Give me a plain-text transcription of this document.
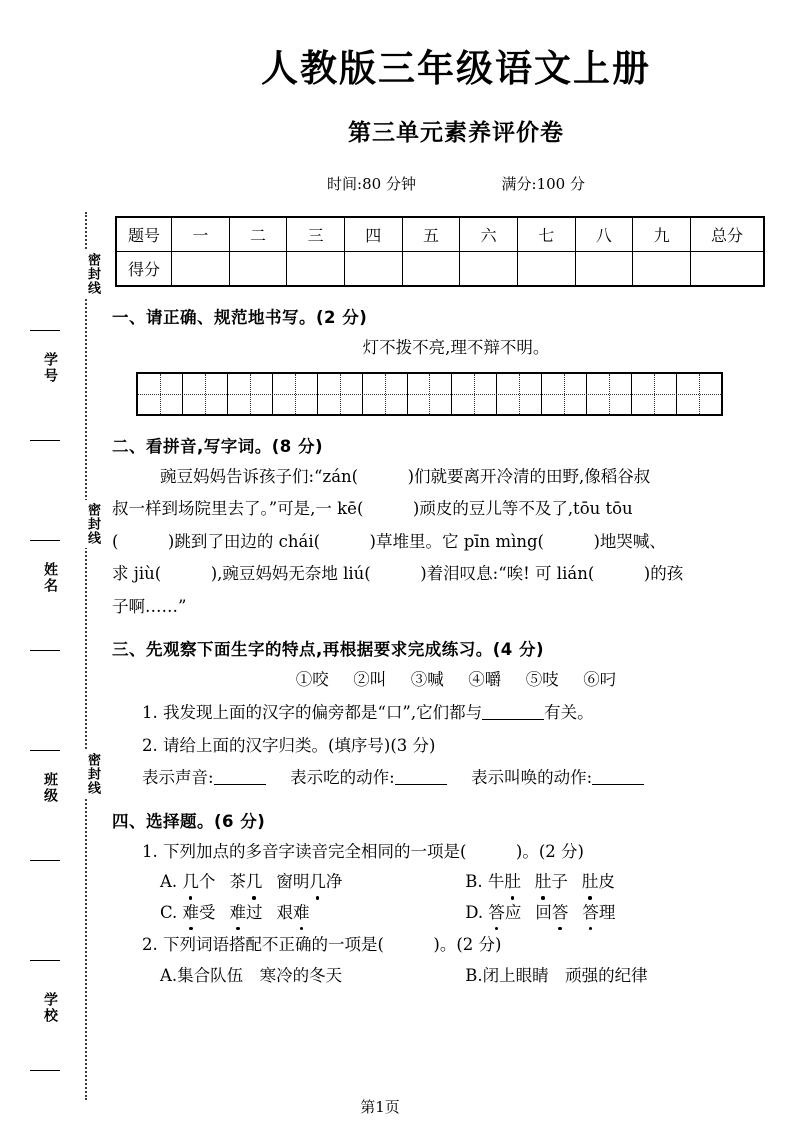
密封线
密封线
密封线
学号
姓名
班级
学校
人教版三年级语文上册
第三单元素养评价卷
时间:80 分钟	满分:100 分
题号	一	二	三	四	五	六	七	八	九	总分
得分										
一、请正确、规范地书写。(2 分)
灯不拨不亮,理不辩不明。
二、看拼音,写字词。(8 分)
豌豆妈妈告诉孩子们:“zán(　　　)们就要离开冷清的田野,像稻谷叔
叔一样到场院里去了。”可是,一 kē(　　　)顽皮的豆儿等不及了,tōu tōu
(　　　)跳到了田边的 chái(　　　)草堆里。它 pīn mìng(　　　)地哭喊、
求 jiù(　　　),豌豆妈妈无奈地 liú(　　　)着泪叹息:“唉! 可 lián(　　　)的孩
子啊……”
三、先观察下面生字的特点,再根据要求完成练习。(4 分)
①咬 ②叫 ③喊 ④嚼 ⑤吱 ⑥叼
1. 我发现上面的汉字的偏旁都是“口”,它们都与	有关。
2. 请给上面的汉字归类。(填序号)(3 分)
表示声音:	表示吃的动作:	表示叫唤的动作:
四、选择题。(6 分)
1. 下列加点的多音字读音完全相同的一项是(　　　)。(2 分)
A. 几个 茶几 窗明几净	B. 牛肚 肚子 肚皮
C. 难受 难过 艰难	D. 答应 回答 答理
2. 下列词语搭配不正确的一项是(　　　)。(2 分)
A.集合队伍　寒冷的冬天	B.闭上眼睛　顽强的纪律
第1页
